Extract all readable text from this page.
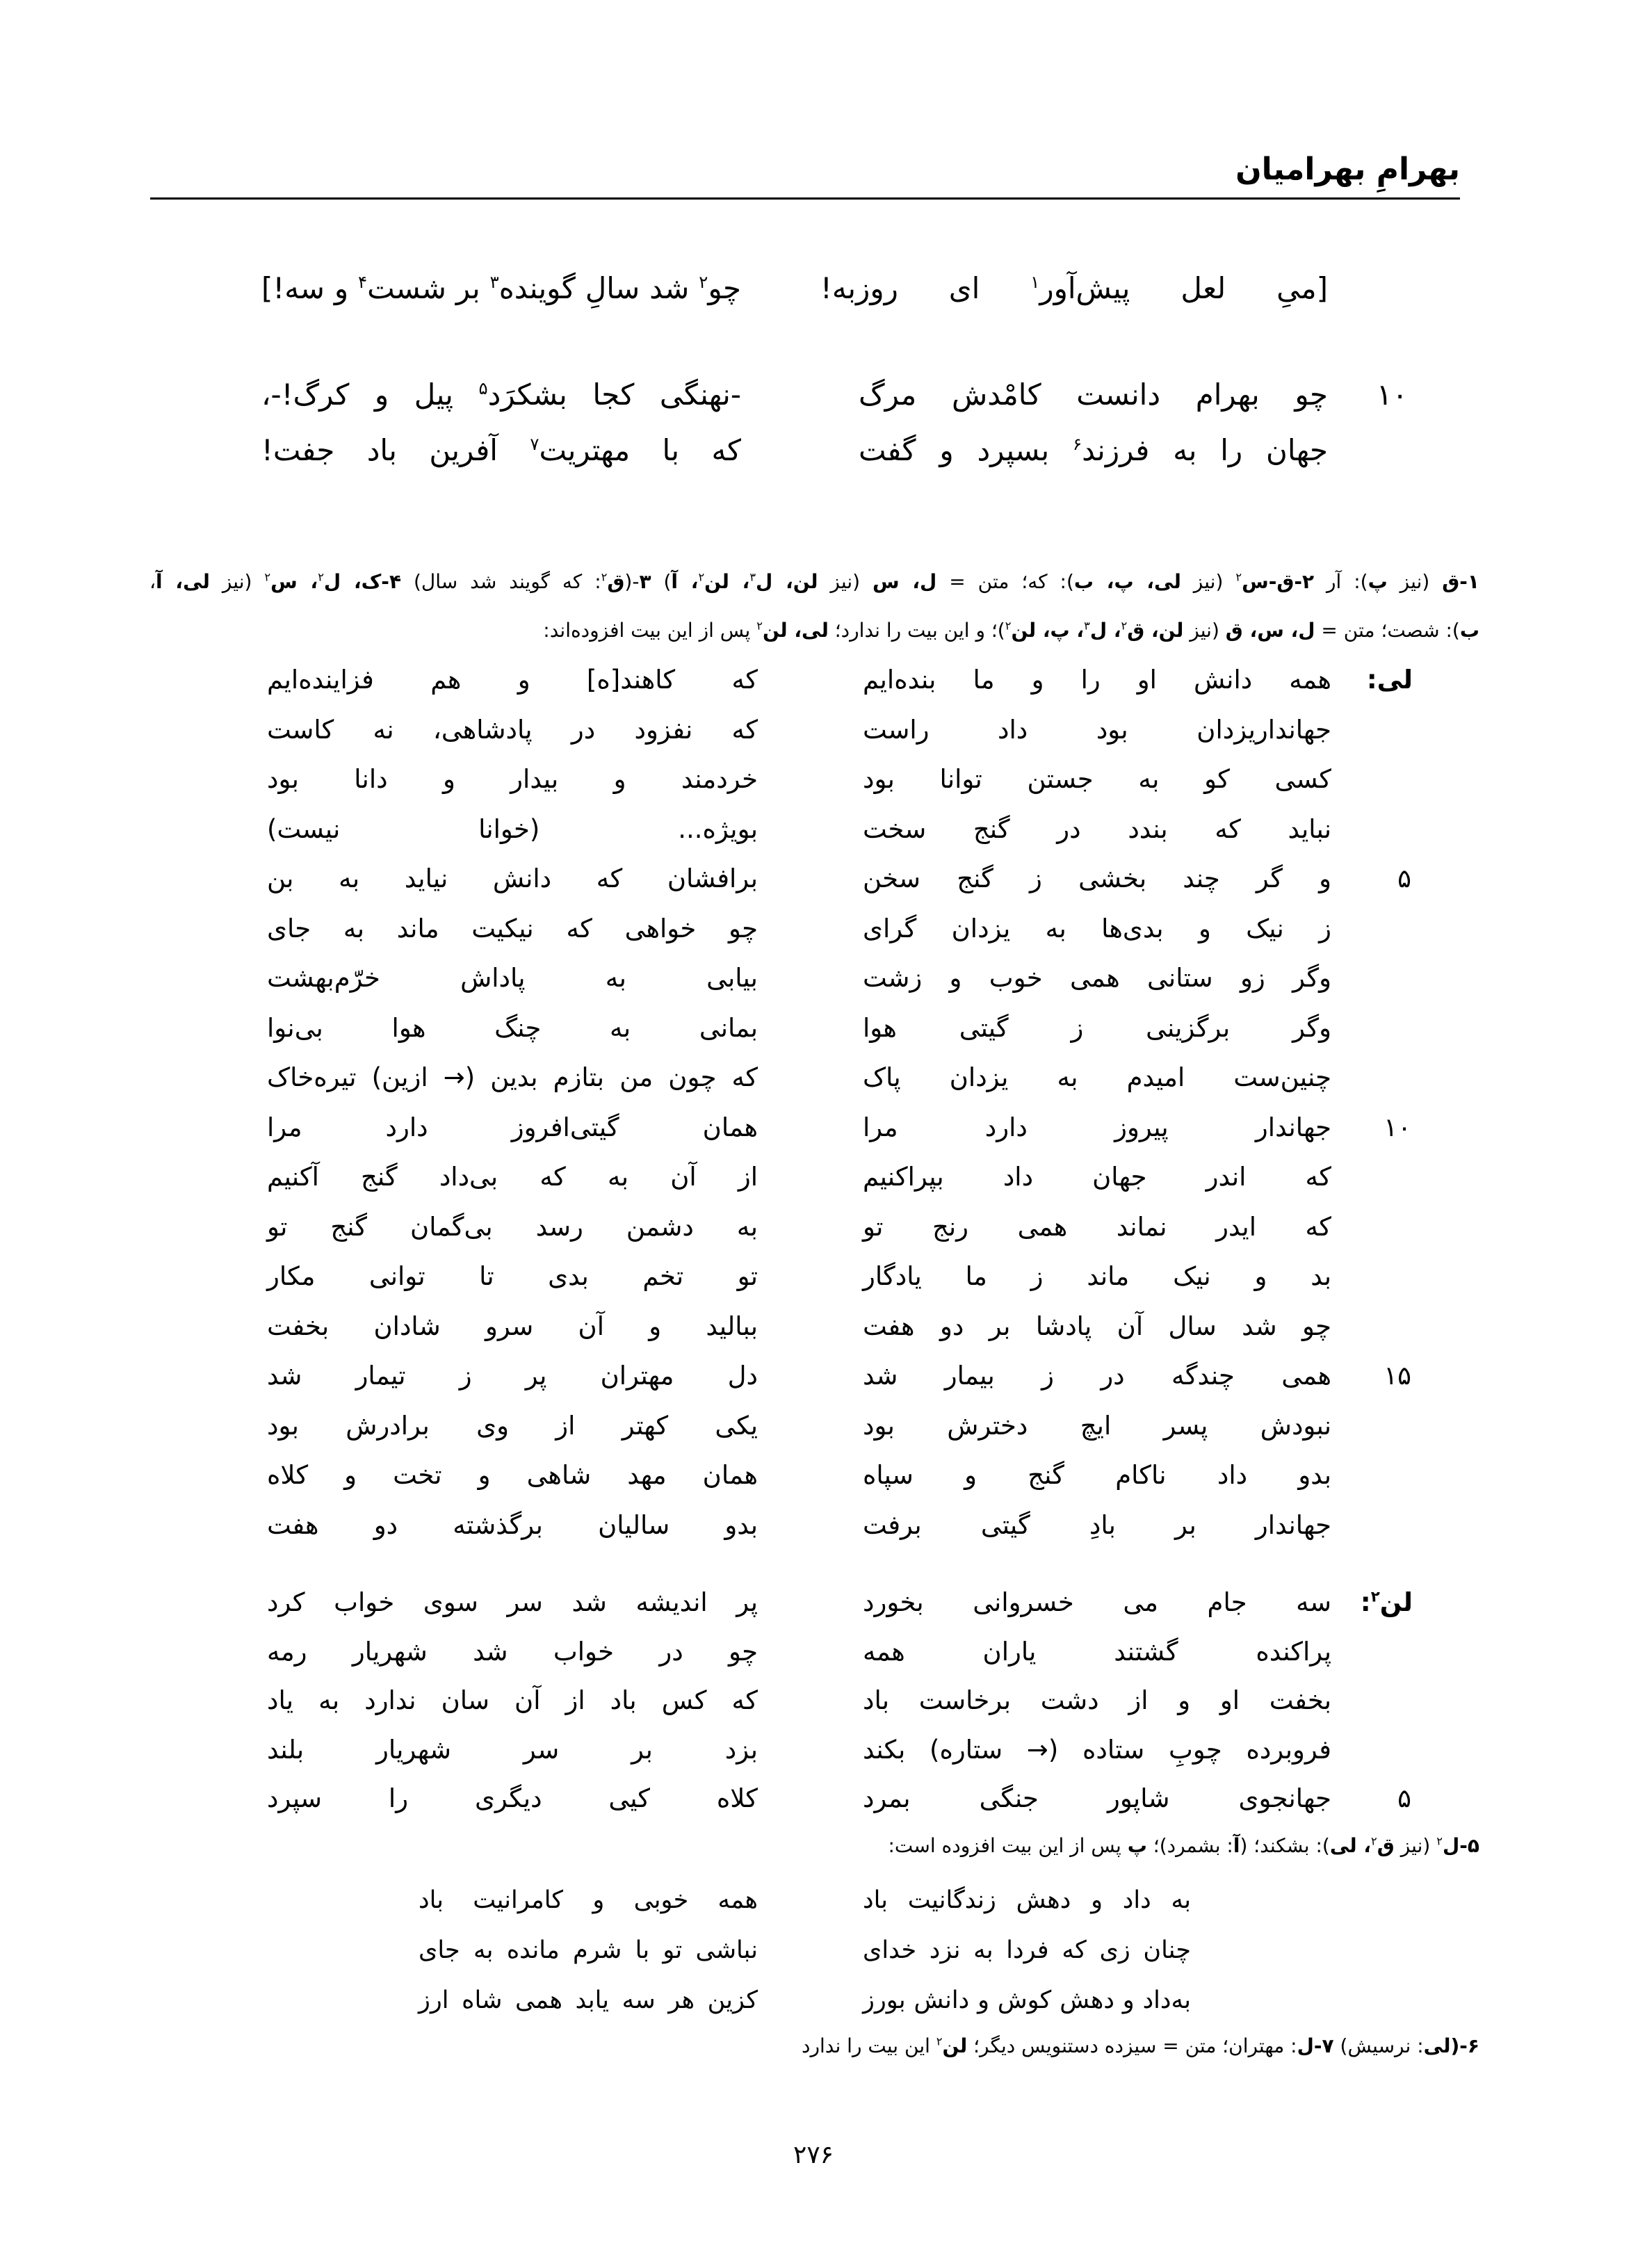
بهرامِ بهرامیان
[میِ لعل پیش‌آور$^۱$ ای روزبه!
چو$^۲$ شد سالِ گوینده$^۳$ بر شست$^۴$ و سه!]
۱۰
چو بهرام دانست کامْدش مرگ
-نهنگی کجا بشکرَد$^۵$ پیل و کرگ!-،
جهان را به فرزند$^۶$ بسپرد و گفت
که با مهتریت$^۷$ آفرین باد جفت!
۱-ق (نیز پ): آر ۲-ق-س$^۲$ (نیز لی، پ، ب): که؛ متن = ل، س (نیز لن، ل$^۳$، لن$^۲$، آ) ۳-(ق$^۲$: که گویند شد سال) ۴-ک، ل$^۲$، س$^۲$ (نیز لی، آ،
ب): شصت؛ متن = ل، س، ق (نیز لن، ق$^۲$، ل$^۳$، پ، لن$^۲$)؛ و این بیت را ندارد؛ لی، لن$^۲$ پس از این بیت افزوده‌اند:
لی:
همه دانش او را و ما بنده‌ایم
که کاهند[ه] و هم فزاینده‌ایم
جهانداریزدان بود داد راست
که نفزود در پادشاهی، نه کاست
کسی کو به جستن توانا بود
خردمند و بیدار و دانا بود
نباید که بندد در گنج سخت
بویژه... (خوانا نیست)
۵
و گر چند بخشی ز گنج سخن
برافشان که دانش نیاید به بن
ز نیک و بدی‌ها به یزدان گرای
چو خواهی که نیکیت ماند به جای
وگر زو ستانی همی خوب و زشت
بیابی به پاداش خرّم‌بهشت
وگر برگزینی ز گیتی هوا
بمانی به چنگ هوا بی‌نوا
چنین‌ست امیدم به یزدان پاک
که چون من بتازم بدین (→ ازین) تیره‌خاک
۱۰
جهاندار پیروز دارد مرا
همان گیتی‌افروز دارد مرا
که اندر جهان داد بپراکنیم
از آن به که بی‌داد گنج آکنیم
که ایدر نماند همی رنج تو
به دشمن رسد بی‌گمان گنج تو
بد و نیک ماند ز ما یادگار
تو تخم بدی تا توانی مکار
چو شد سال آن پادشا بر دو هفت
ببالید و آن سرو شادان بخفت
۱۵
همی چندگه در ز بیمار شد
دل مهتران پر ز تیمار شد
نبودش پسر ایچ دخترش بود
یکی کهتر از وی برادرش بود
بدو داد ناکام گنج و سپاه
همان مهد شاهی و تخت و کلاه
جهاندار بر بادِ گیتی برفت
بدو سالیان برگذشته دو هفت
لن$^۲$:
سه جام می خسروانی بخورد
پر اندیشه شد سر سوی خواب کرد
پراکنده گشتند یاران همه
چو در خواب شد شهریار رمه
بخفت او و از دشت برخاست باد
که کس باد از آن سان ندارد به یاد
فروبرده چوبِ ستاده (→ ستاره) بکند
بزد بر سر شهریار بلند
۵
جهانجوی شاپور جنگی بمرد
کلاه کیی دیگری را سپرد
۵-ل$^۲$ (نیز ق$^۲$، لی): بشکند؛ (آ: بشمرد)؛ پ پس از این بیت افزوده است:
به داد و دهش زندگانیت باد
همه خوبی و کامرانیت باد
چنان زی که فردا به نزد خدای
نباشی تو با شرم مانده به جای
به‌داد و دهش کوش و دانش بورز
کزین هر سه یابد همی شاه ارز
۶-(لی: نرسیش) ۷-ل: مهتران؛ متن = سیزده دستنویس دیگر؛ لن$^۲$ این بیت را ندارد
۲۷۶
